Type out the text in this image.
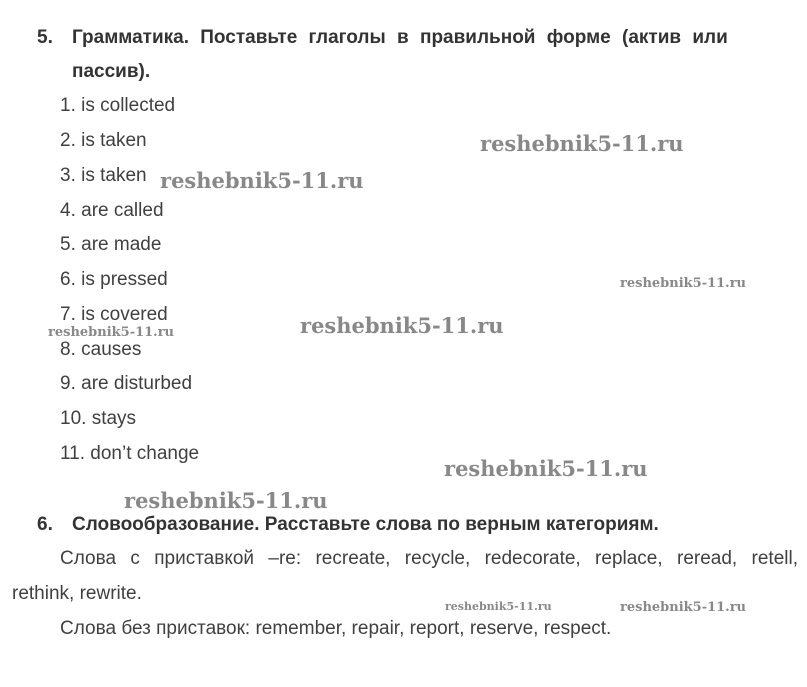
5. Грамматика. Поставьте глаголы в правильной форме (актив или
пассив).
1. is collected
2. is taken
3. is taken
4. are called
5. are made
6. is pressed
7. is covered
8. causes
9. are disturbed
10. stays
11. don’t change
6. Словообразование. Расставьте слова по верным категориям.
Слова с приставкой –re: recreate, recycle, redecorate, replace, reread, retell,
rethink, rewrite.
Слова без приставок: remember, repair, report, reserve, respect.
reshebnik5-11.ru
reshebnik5-11.ru
reshebnik5-11.ru
reshebnik5-11.ru
reshebnik5-11.ru
reshebnik5-11.ru
reshebnik5-11.ru
reshebnik5-11.ru	reshebnik5-11.ru
